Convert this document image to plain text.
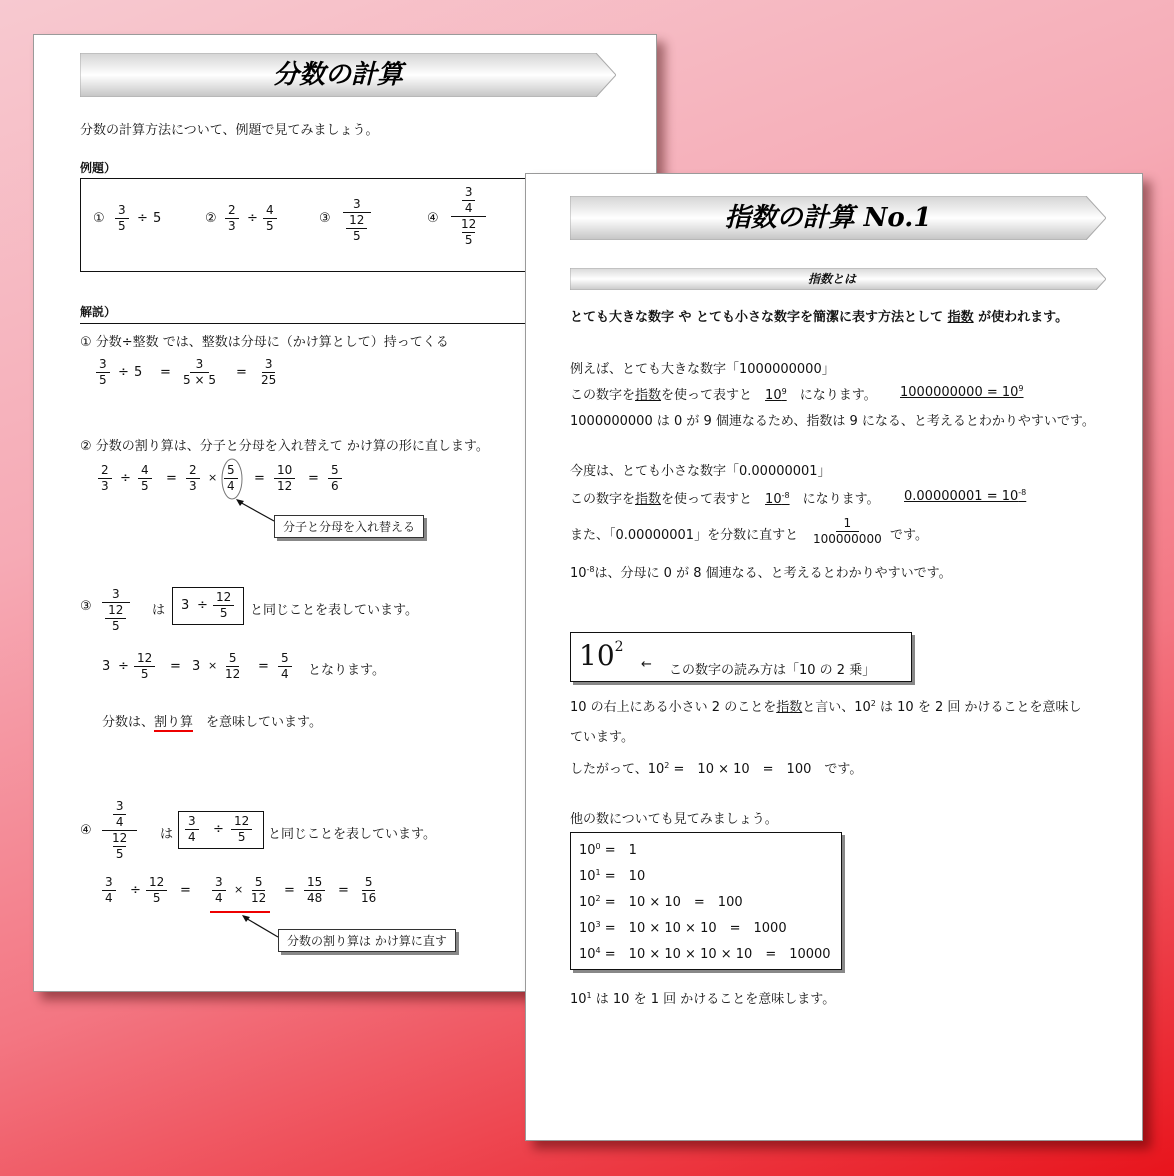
分数の計算
分数の計算方法について、例題で見てみましょう。
例題）
①
3
5 ÷ 5	②
2
3 ÷
4
5	③
3
12
5
④
3
4
12
5
解説）
① 分数÷整数 では、整数は分母に（かけ算として）持ってくる
3
5 ÷ 5 =
3
5 × 5 =
3
25
② 分数の割り算は、分子と分母を入れ替えて かけ算の形に直します。
2
3 ÷
4
5 =
2
3
×
5
4 =
10
12 =
5
6
分子と分母を入れ替える
③
3
12
5
は 3 ÷
12
5 と同じことを表しています。
3 ÷
12
5 = 3 ×
5
12 =
5
4 となります。
分数は、割り算　 を意味しています。
④
3
4
12
5
は
3
4 ÷
12
5 と同じことを表しています。
3
4 ÷
12
5 =
3
4
×
5
12 =
15
48 =
5
16
分数の割り算は かけ算に直す
指数の計算 No.1
指数とは
とても大きな数字 や とても小さな数字を簡潔に表す方法として 指数 が使われます。
例えば、とても大きな数字「1000000000」
この数字を指数を使って表すと　$10^9$　 になります。 $1000000000 = 10^9$
1000000000 は 0 が 9 個連なるため、指数は 9 になる、と考えるとわかりやすいです。
今度は、とても小さな数字「0.00000001」
この数字を指数を使って表すと　$10^{-8}$　 になります。 $0.00000001 = 10^{-8}$
また、「0.00000001」を分数に直すと
1
100000000 です。
$10^{-8}$は、分母に 0 が 8 個連なる、と考えるとわかりやすいです。
$10^2$
← この数字の読み方は「10 の 2 乗」
10 の右上にある小さい 2 のことを指数と言い、$10^2$ は 10 を 2 回 かけることを意味し
ています。
したがって、$10^2$ =　10 × 10　=　100　です。
他の数についても見てみましょう。
$10^0$ =　1
$10^1$ =　10
$10^2$ =　10 × 10　=　100
$10^3$ =　10 × 10 × 10　=　1000
$10^4$ =　10 × 10 × 10 × 10　=　10000
$10^1$ は 10 を 1 回 かけることを意味します。
